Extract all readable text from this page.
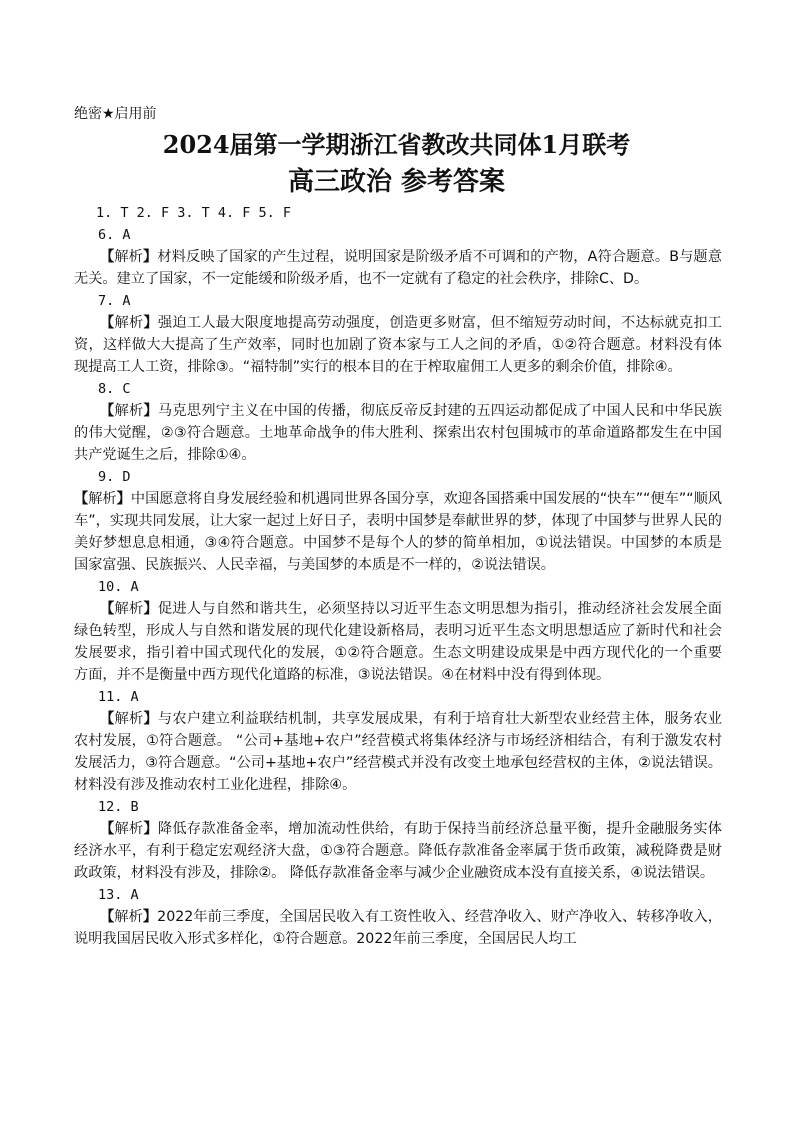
绝密★启用前
2024届第一学期浙江省教改共同体1月联考
高三政治 参考答案

1. T 2. F 3. T 4. F 5. F

6. A

【解析】材料反映了国家的产生过程，说明国家是阶级矛盾不可调和的产物，A符合题意。B与题意无关。建立了国家，不一定能缓和阶级矛盾，也不一定就有了稳定的社会秩序，排除C、D。

7. A

【解析】强迫工人最大限度地提高劳动强度，创造更多财富，但不缩短劳动时间，不达标就克扣工资，这样做大大提高了生产效率，同时也加剧了资本家与工人之间的矛盾，①②符合题意。材料没有体现提高工人工资，排除③。“福特制”实行的根本目的在于榨取雇佣工人更多的剩余价值，排除④。

8. C

【解析】马克思列宁主义在中国的传播，彻底反帝反封建的五四运动都促成了中国人民和中华民族的伟大觉醒，②③符合题意。土地革命战争的伟大胜利、探索出农村包围城市的革命道路都发生在中国共产党诞生之后，排除①④。

9. D

【解析】中国愿意将自身发展经验和机遇同世界各国分享，欢迎各国搭乘中国发展的“快车”“便车”“顺风车”，实现共同发展，让大家一起过上好日子，表明中国梦是奉献世界的梦，体现了中国梦与世界人民的美好梦想息息相通，③④符合题意。中国梦不是每个人的梦的简单相加，①说法错误。中国梦的本质是国家富强、民族振兴、人民幸福，与美国梦的本质是不一样的，②说法错误。

10. A

【解析】促进人与自然和谐共生，必须坚持以习近平生态文明思想为指引，推动经济社会发展全面绿色转型，形成人与自然和谐发展的现代化建设新格局，表明习近平生态文明思想适应了新时代和社会发展要求，指引着中国式现代化的发展，①②符合题意。生态文明建设成果是中西方现代化的一个重要方面，并不是衡量中西方现代化道路的标准，③说法错误。④在材料中没有得到体现。

11. A

【解析】与农户建立利益联结机制，共享发展成果，有利于培育壮大新型农业经营主体，服务农业农村发展，①符合题意。 “公司+基地+农户”经营模式将集体经济与市场经济相结合，有利于激发农村发展活力，③符合题意。“公司+基地+农户”经营模式并没有改变土地承包经营权的主体，②说法错误。材料没有涉及推动农村工业化进程，排除④。

12. B

【解析】降低存款准备金率，增加流动性供给，有助于保持当前经济总量平衡，提升金融服务实体经济水平，有利于稳定宏观经济大盘，①③符合题意。降低存款准备金率属于货币政策，减税降费是财政政策，材料没有涉及，排除②。 降低存款准备金率与减少企业融资成本没有直接关系，④说法错误。

13. A

【解析】2022年前三季度，全国居民收入有工资性收入、经营净收入、财产净收入、转移净收入，说明我国居民收入形式多样化，①符合题意。2022年前三季度，全国居民人均工
